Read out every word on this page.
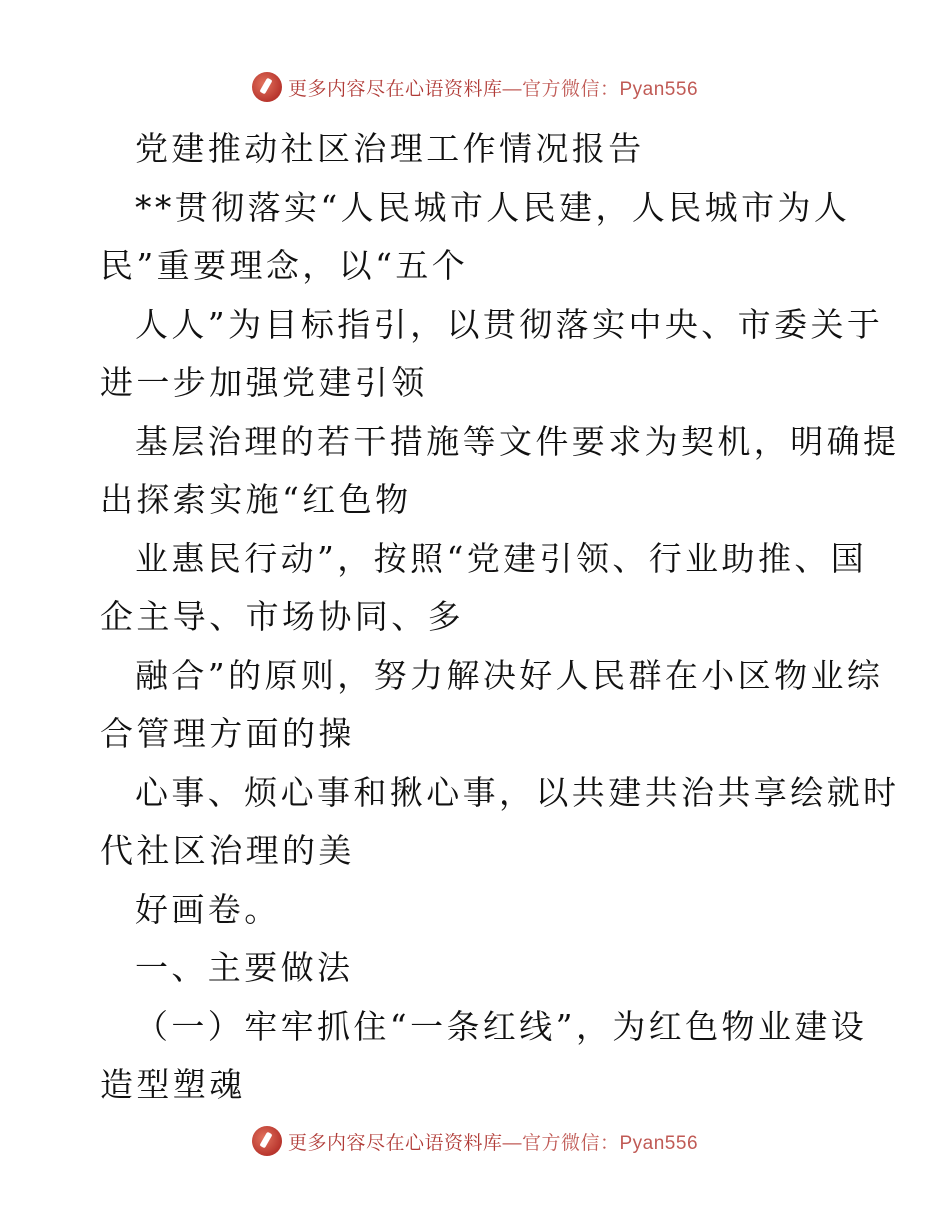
更多内容尽在心语资料库 —官方微信：Pyan556
党建推动社区治理工作情况报告
**贯彻落实“人民城市人民建，人民城市为人
民”重要理念，以“五个
人人”为目标指引，以贯彻落实中央、市委关于
进一步加强党建引领
基层治理的若干措施等文件要求为契机，明确提
出探索实施“红色物
业惠民行动”，按照“党建引领、行业助推、国
企主导、市场协同、多
融合”的原则，努力解决好人民群在小区物业综
合管理方面的操
心事、烦心事和揪心事，以共建共治共享绘就时
代社区治理的美
好画卷。
一、主要做法
（一）牢牢抓住“一条红线”，为红色物业建设
造型塑魂
更多内容尽在心语资料库 —官方微信：Pyan556
